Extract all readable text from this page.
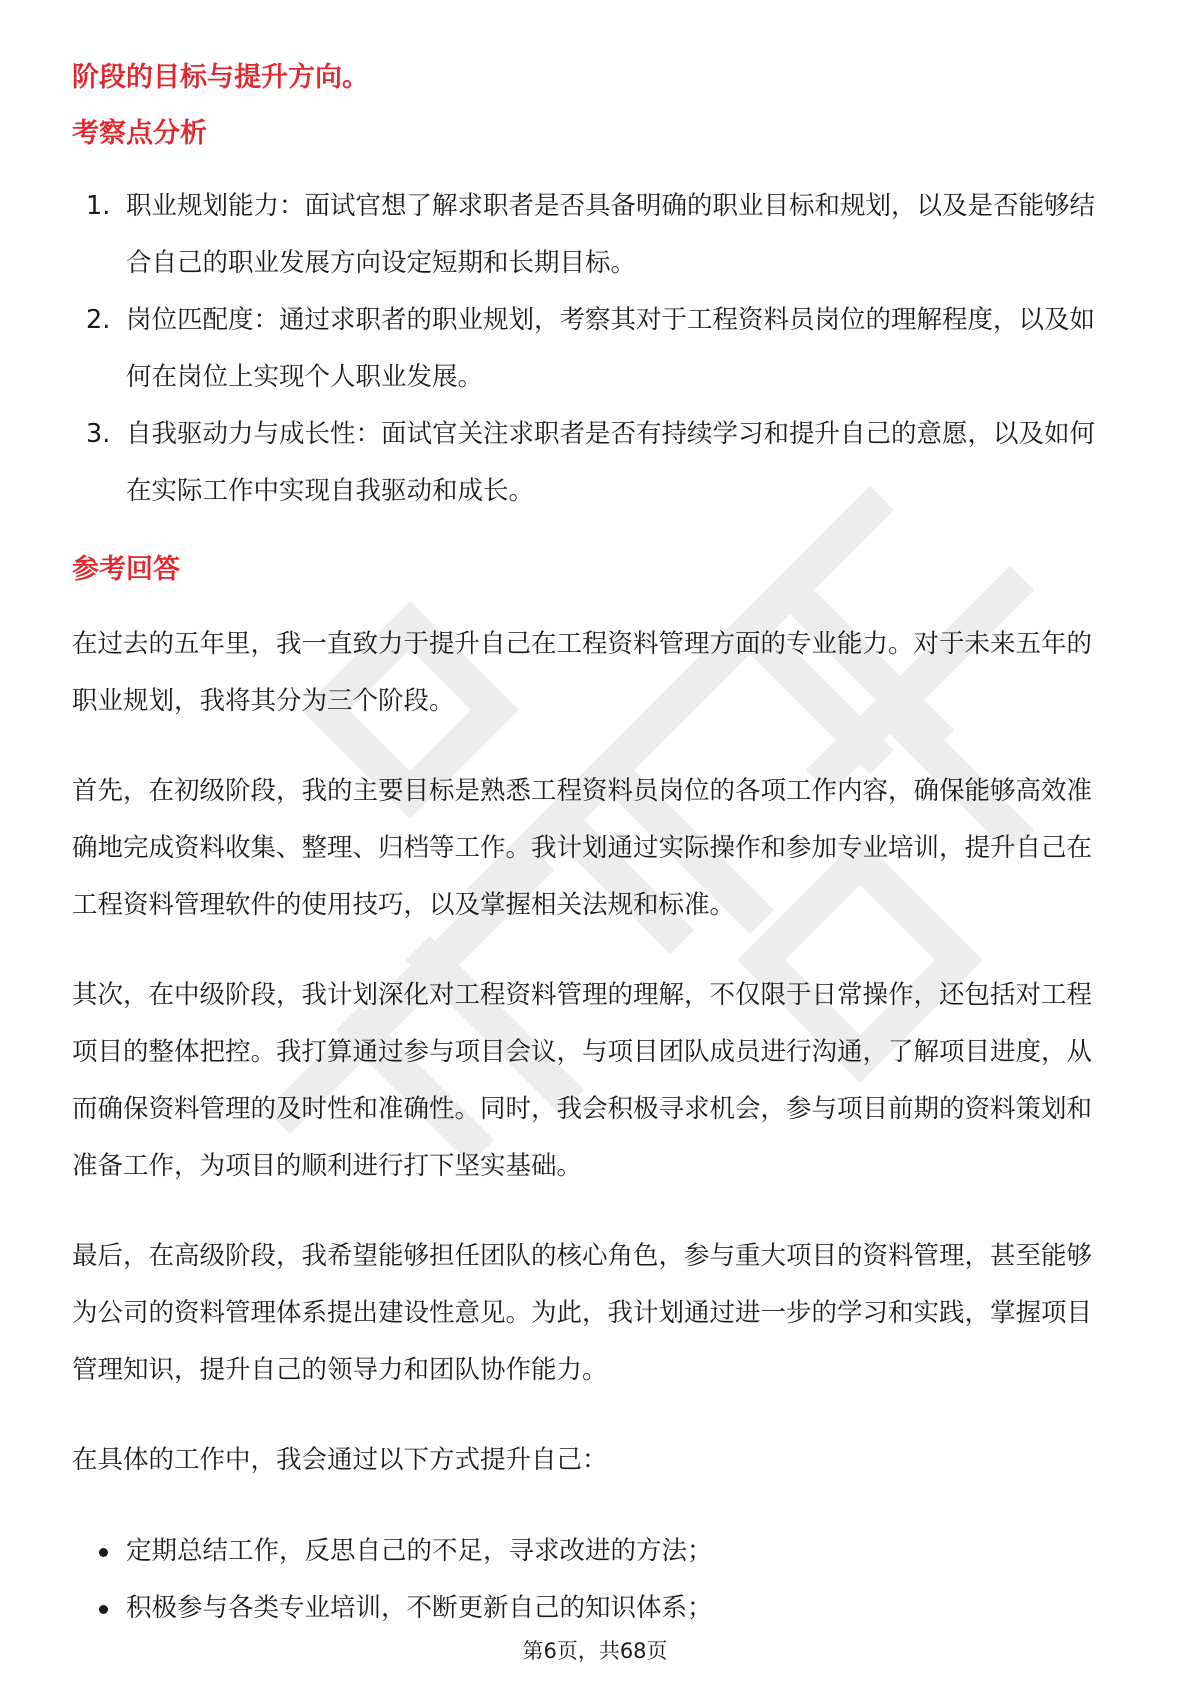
阶段的目标与提升方向。

考察点分析

1. 职业规划能力：面试官想了解求职者是否具备明确的职业目标和规划，以及是否能够结合自己的职业发展方向设定短期和长期目标。
2. 岗位匹配度：通过求职者的职业规划，考察其对于工程资料员岗位的理解程度，以及如何在岗位上实现个人职业发展。
3. 自我驱动力与成长性：面试官关注求职者是否有持续学习和提升自己的意愿，以及如何在实际工作中实现自我驱动和成长。

参考回答

在过去的五年里，我一直致力于提升自己在工程资料管理方面的专业能力。对于未来五年的职业规划，我将其分为三个阶段。

首先，在初级阶段，我的主要目标是熟悉工程资料员岗位的各项工作内容，确保能够高效准确地完成资料收集、整理、归档等工作。我计划通过实际操作和参加专业培训，提升自己在工程资料管理软件的使用技巧，以及掌握相关法规和标准。

其次，在中级阶段，我计划深化对工程资料管理的理解，不仅限于日常操作，还包括对工程项目的整体把控。我打算通过参与项目会议，与项目团队成员进行沟通，了解项目进度，从而确保资料管理的及时性和准确性。同时，我会积极寻求机会，参与项目前期的资料策划和准备工作，为项目的顺利进行打下坚实基础。

最后，在高级阶段，我希望能够担任团队的核心角色，参与重大项目的资料管理，甚至能够为公司的资料管理体系提出建设性意见。为此，我计划通过进一步的学习和实践，掌握项目管理知识，提升自己的领导力和团队协作能力。

在具体的工作中，我会通过以下方式提升自己：

定期总结工作，反思自己的不足，寻求改进的方法；
积极参与各类专业培训，不断更新自己的知识体系；
第6页，共68页
